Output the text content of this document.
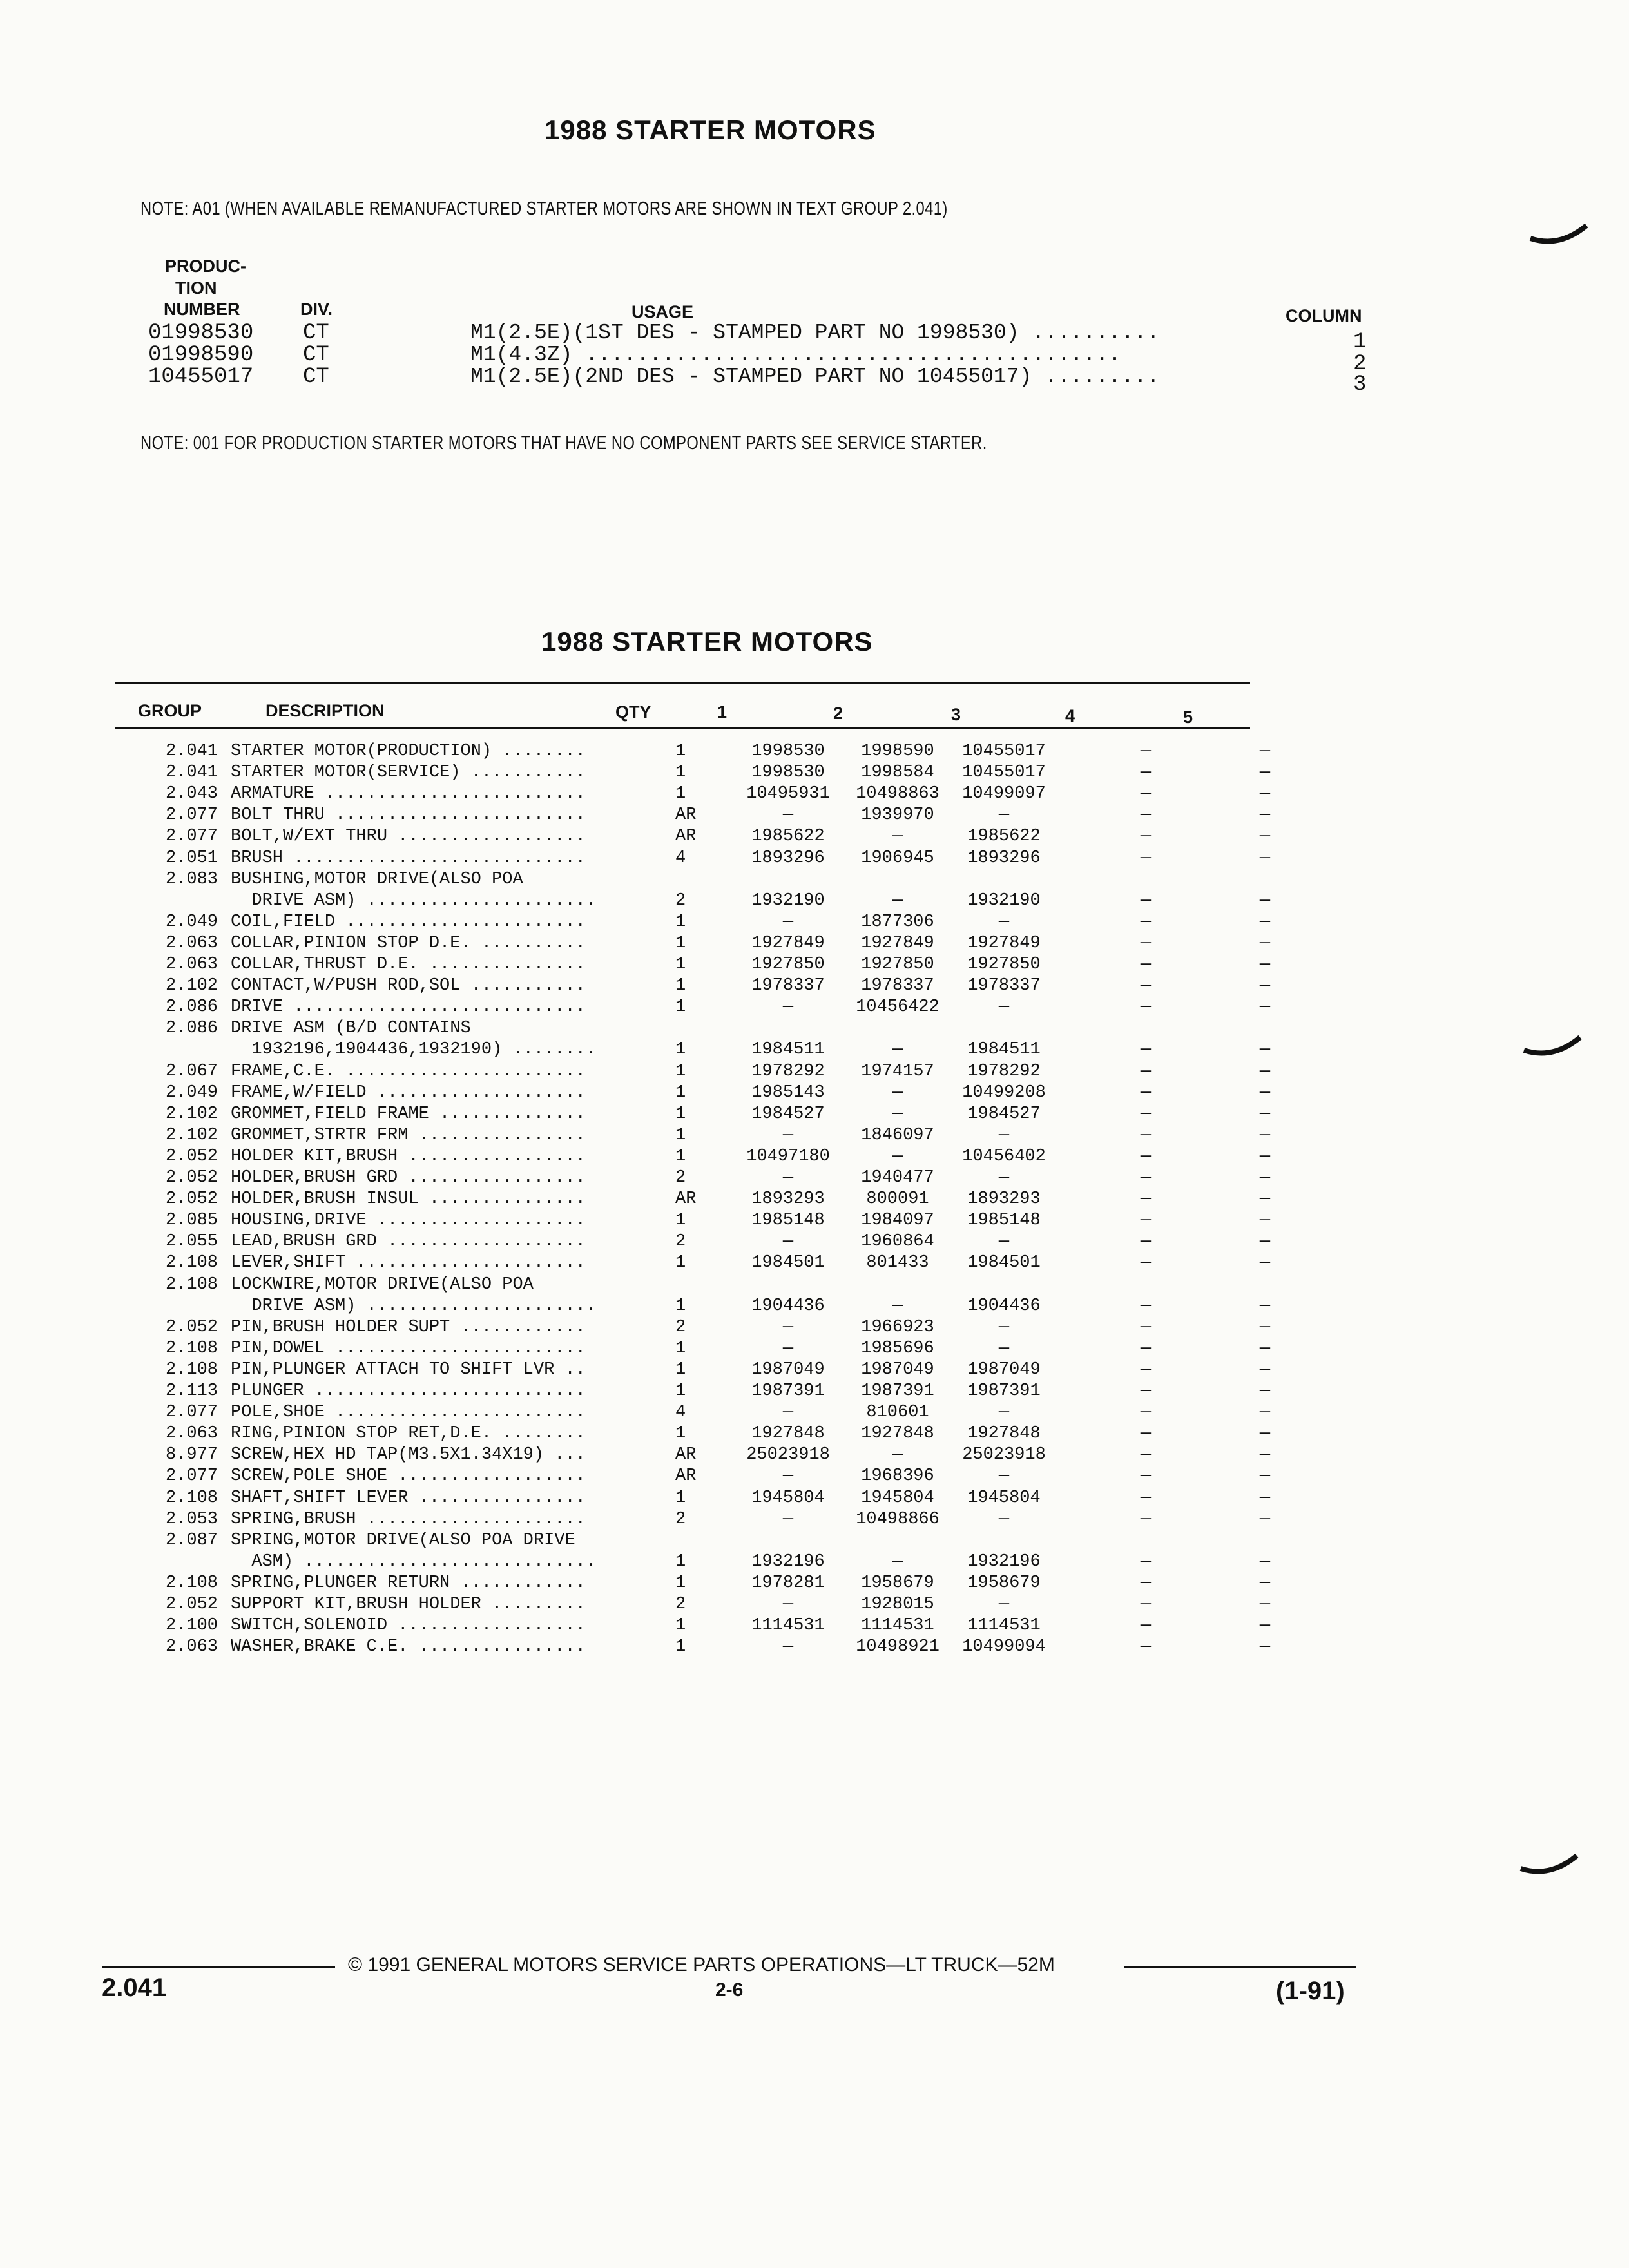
1988 STARTER MOTORS
NOTE: A01 (WHEN AVAILABLE REMANUFACTURED STARTER MOTORS ARE SHOWN IN TEXT GROUP 2.041)
PRODUC-
TION
NUMBER	DIV.	USAGE	COLUMN
01998530 CT	M1(2.5E)(1ST DES - STAMPED PART NO 1998530) ..........	1
01998590 CT	M1(4.3Z) ..........................................	2
10455017 CT	M1(2.5E)(2ND DES - STAMPED PART NO 10455017) .........	3
NOTE: 001 FOR PRODUCTION STARTER MOTORS THAT HAVE NO COMPONENT PARTS SEE SERVICE STARTER.
1988 STARTER MOTORS
GROUP	DESCRIPTION	QTY	1	2	3	4	5
2.041 STARTER MOTOR(PRODUCTION) ........	1	1998530	1998590	10455017	—	—
2.041 STARTER MOTOR(SERVICE) ...........	1	1998530	1998584	10455017	—	—
2.043 ARMATURE .........................	1	10495931	10498863	10499097	—	—
2.077 BOLT THRU ........................	AR	—	1939970	—	—	—
2.077 BOLT,W/EXT THRU ..................	AR	1985622	—	1985622	—	—
2.051 BRUSH ............................	4	1893296	1906945	1893296	—	—
2.083 BUSHING,MOTOR DRIVE(ALSO POA
DRIVE ASM) ......................	2	1932190	—	1932190	—	—
2.049 COIL,FIELD .......................	1	—	1877306	—	—	—
2.063 COLLAR,PINION STOP D.E. ..........	1	1927849	1927849	1927849	—	—
2.063 COLLAR,THRUST D.E. ...............	1	1927850	1927850	1927850	—	—
2.102 CONTACT,W/PUSH ROD,SOL ...........	1	1978337	1978337	1978337	—	—
2.086 DRIVE ............................	1	—	10456422	—	—	—
2.086 DRIVE ASM (B/D CONTAINS
1932196,1904436,1932190) ........	1	1984511	—	1984511	—	—
2.067 FRAME,C.E. .......................	1	1978292	1974157	1978292	—	—
2.049 FRAME,W/FIELD ....................	1	1985143	—	10499208	—	—
2.102 GROMMET,FIELD FRAME ..............	1	1984527	—	1984527	—	—
2.102 GROMMET,STRTR FRM ................	1	—	1846097	—	—	—
2.052 HOLDER KIT,BRUSH .................	1	10497180	—	10456402	—	—
2.052 HOLDER,BRUSH GRD .................	2	—	1940477	—	—	—
2.052 HOLDER,BRUSH INSUL ...............	AR	1893293	800091	1893293	—	—
2.085 HOUSING,DRIVE ....................	1	1985148	1984097	1985148	—	—
2.055 LEAD,BRUSH GRD ...................	2	—	1960864	—	—	—
2.108 LEVER,SHIFT ......................	1	1984501	801433	1984501	—	—
2.108 LOCKWIRE,MOTOR DRIVE(ALSO POA
DRIVE ASM) ......................	1	1904436	—	1904436	—	—
2.052 PIN,BRUSH HOLDER SUPT ............	2	—	1966923	—	—	—
2.108 PIN,DOWEL ........................	1	—	1985696	—	—	—
2.108 PIN,PLUNGER ATTACH TO SHIFT LVR ..	1	1987049	1987049	1987049	—	—
2.113 PLUNGER ..........................	1	1987391	1987391	1987391	—	—
2.077 POLE,SHOE ........................	4	—	810601	—	—	—
2.063 RING,PINION STOP RET,D.E. ........	1	1927848	1927848	1927848	—	—
8.977 SCREW,HEX HD TAP(M3.5X1.34X19) ...	AR	25023918	—	25023918	—	—
2.077 SCREW,POLE SHOE ..................	AR	—	1968396	—	—	—
2.108 SHAFT,SHIFT LEVER ................	1	1945804	1945804	1945804	—	—
2.053 SPRING,BRUSH .....................	2	—	10498866	—	—	—
2.087 SPRING,MOTOR DRIVE(ALSO POA DRIVE
ASM) ............................	1	1932196	—	1932196	—	—
2.108 SPRING,PLUNGER RETURN ............	1	1978281	1958679	1958679	—	—
2.052 SUPPORT KIT,BRUSH HOLDER .........	2	—	1928015	—	—	—
2.100 SWITCH,SOLENOID ..................	1	1114531	1114531	1114531	—	—
2.063 WASHER,BRAKE C.E. ................	1	—	10498921	10499094	—	—
© 1991 GENERAL MOTORS SERVICE PARTS OPERATIONS—LT TRUCK—52M
2.041	2-6	(1-91)
